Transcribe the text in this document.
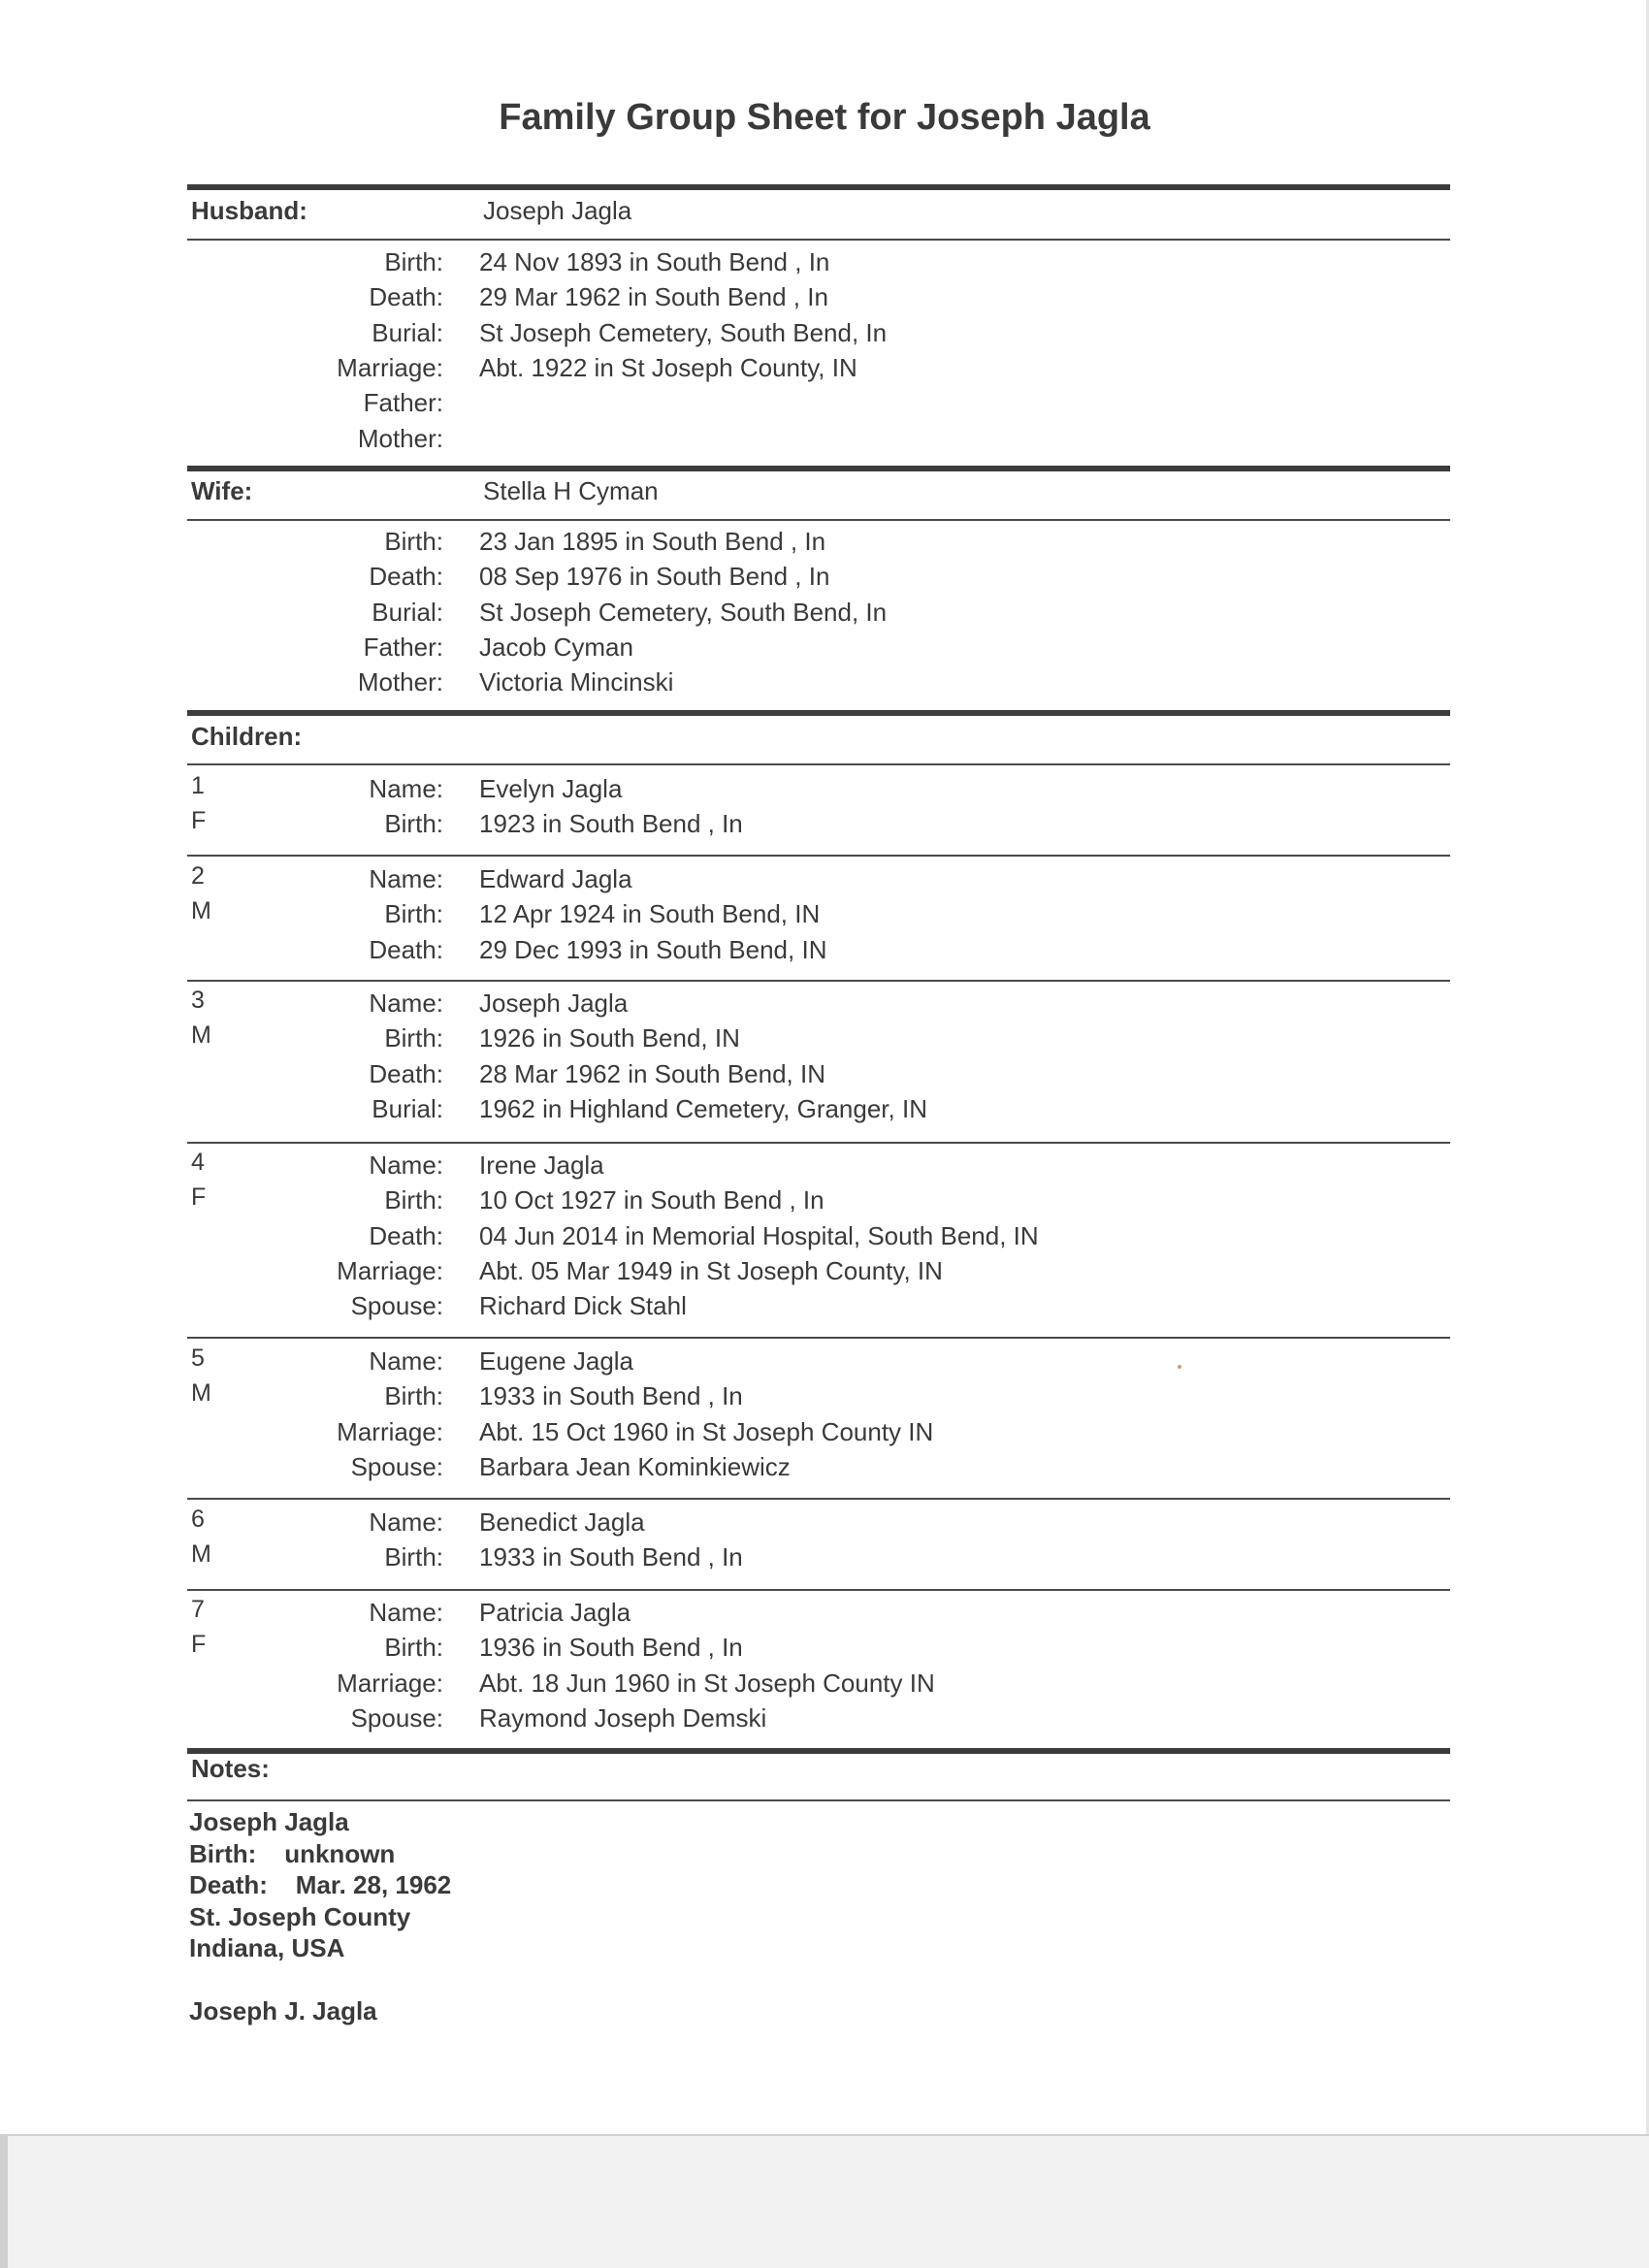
Family Group Sheet for Joseph Jagla
Husband:	Joseph Jagla
Birth: 24 Nov 1893 in South Bend , In
Death: 29 Mar 1962 in South Bend , In
Burial: St Joseph Cemetery, South Bend, In
Marriage: Abt. 1922 in St Joseph County, IN
Father:
Mother:
Wife:	Stella H Cyman
Birth: 23 Jan 1895 in South Bend , In
Death: 08 Sep 1976 in South Bend , In
Burial: St Joseph Cemetery, South Bend, In
Father: Jacob Cyman
Mother: Victoria Mincinski
Children:
1
F
Name: Evelyn Jagla
Birth: 1923 in South Bend , In
2
M
Name: Edward Jagla
Birth: 12 Apr 1924 in South Bend, IN
Death: 29 Dec 1993 in South Bend, IN
3
M
Name: Joseph Jagla
Birth: 1926 in South Bend, IN
Death: 28 Mar 1962 in South Bend, IN
Burial: 1962 in Highland Cemetery, Granger, IN
4
F
Name: Irene Jagla
Birth: 10 Oct 1927 in South Bend , In
Death: 04 Jun 2014 in Memorial Hospital, South Bend, IN
Marriage: Abt. 05 Mar 1949 in St Joseph County, IN
Spouse: Richard Dick Stahl
5
M
Name: Eugene Jagla
Birth: 1933 in South Bend , In
Marriage: Abt. 15 Oct 1960 in St Joseph County IN
Spouse: Barbara Jean Kominkiewicz
6
M
Name: Benedict Jagla
Birth: 1933 in South Bend , In
7
F
Name: Patricia Jagla
Birth: 1936 in South Bend , In
Marriage: Abt. 18 Jun 1960 in St Joseph County IN
Spouse: Raymond Joseph Demski
Notes:
Joseph Jagla
Birth:    unknown
Death:    Mar. 28, 1962
St. Joseph County
Indiana, USA
Joseph J. Jagla
